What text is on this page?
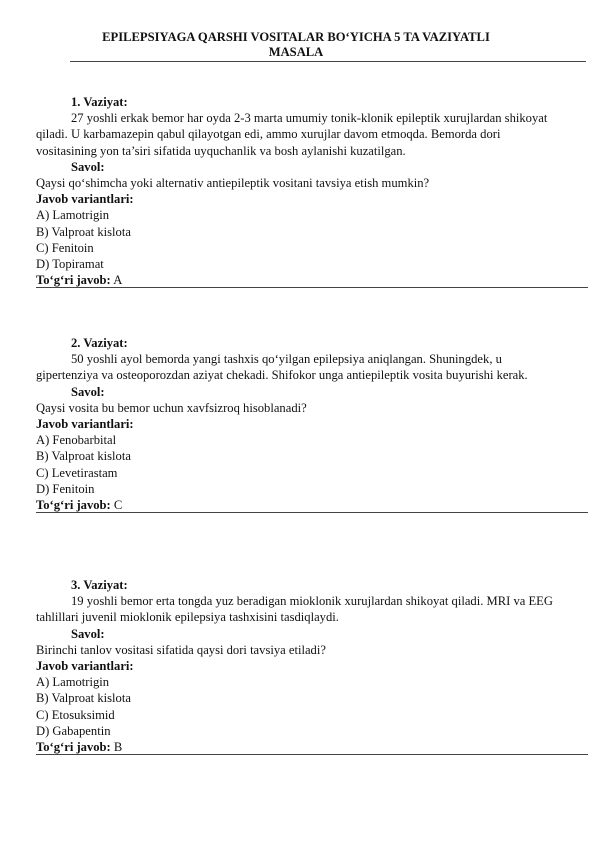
EPILEPSIYAGA QARSHI VOSITALAR BO‘YICHA 5 TA VAZIYATLI
MASALA

1. Vaziyat:

27 yoshli erkak bemor har oyda 2-3 marta umumiy tonik-klonik epileptik xurujlardan shikoyat qiladi. U karbamazepin qabul qilayotgan edi, ammo xurujlar davom etmoqda. Bemorda dori vositasining yon ta’siri sifatida uyquchanlik va bosh aylanishi kuzatilgan.

Savol:

Qaysi qo‘shimcha yoki alternativ antiepileptik vositani tavsiya etish mumkin?

Javob variantlari:

A) Lamotrigin

B) Valproat kislota

C) Fenitoin

D) Topiramat

To‘g‘ri javob: A

2. Vaziyat:

50 yoshli ayol bemorda yangi tashxis qo‘yilgan epilepsiya aniqlangan. Shuningdek, u gipertenziya va osteoporozdan aziyat chekadi. Shifokor unga antiepileptik vosita buyurishi kerak.

Savol:

Qaysi vosita bu bemor uchun xavfsizroq hisoblanadi?

Javob variantlari:

A) Fenobarbital

B) Valproat kislota

C) Levetirastam

D) Fenitoin

To‘g‘ri javob: C

3. Vaziyat:

19 yoshli bemor erta tongda yuz beradigan mioklonik xurujlardan shikoyat qiladi. MRI va EEG tahlillari juvenil mioklonik epilepsiya tashxisini tasdiqlaydi.

Savol:

Birinchi tanlov vositasi sifatida qaysi dori tavsiya etiladi?

Javob variantlari:

A) Lamotrigin

B) Valproat kislota

C) Etosuksimid

D) Gabapentin

To‘g‘ri javob: B
